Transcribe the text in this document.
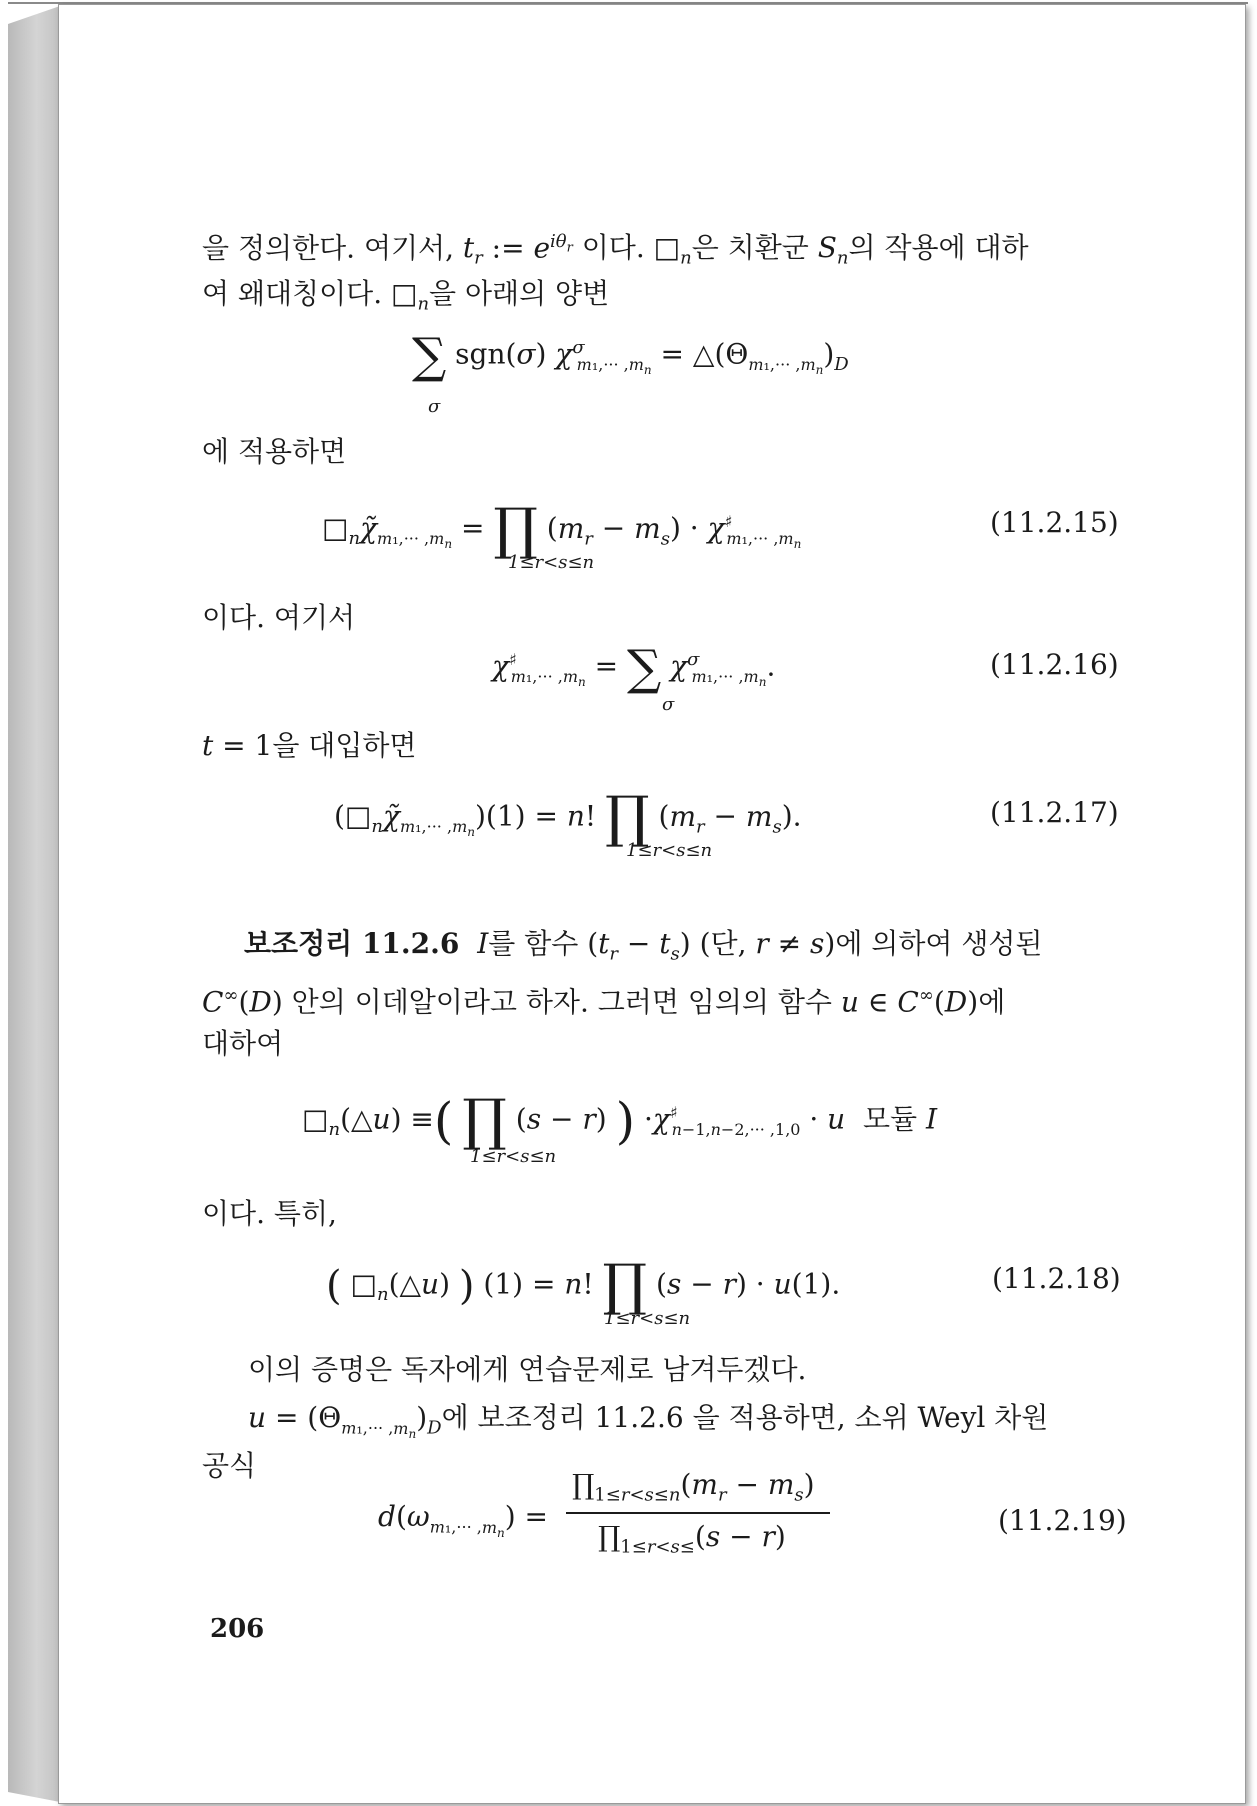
을 정의한다. 여기서, $t_r$ := $e^{i\theta_r}$ 이다. $□_n$은 치환군 $S_n$의 작용에 대하
여 왜대칭이다. $□_n$을 아래의 양변
∑ sgn(σ) $\chi^\sigma_{m_1,\cdot\cdot\cdot ,m_n}$ = $\triangle(\Theta_{m_1,\cdot\cdot\cdot ,m_n})_D$
σ
에 적용하면
$□_n\chĩ_{m_1,\cdot\cdot\cdot ,m_n}$ = ∏ $(m_r - m_s) \cdot \chi^♯_{m_1,\cdot\cdot\cdot ,m_n}$
1≤r<s≤n
(11.2.15)
이다. 여기서
$\chi^♯_{m_1,\cdot\cdot\cdot ,m_n}$ = ∑ $\chi^\sigma_{m_1,\cdot\cdot\cdot ,m_n}$.
σ
(11.2.16)
t = 1을 대입하면
$(□_n\chĩ_{m_1,\cdot\cdot\cdot ,m_n})(1) = n$! ∏ $(m_r - m_s)$.
1≤r<s≤n
(11.2.17)
보조정리 11.2.6 I를 함수 $(t_r - t_s)$ (단, r ≠ s)에 의하여 생성된
C∞(D) 안의 이데알이라고 하자. 그러면 임의의 함수 u ∈ C∞(D)에
대하여
$□_n(\triangle u)$ ≡( ∏ (s − r) ) $\cdot\chi^♯_{n-1,n-2,\cdot\cdot\cdot ,1,0} \cdot u$  모듈 I
1≤r<s≤n
이다. 특히,
( $□_n(\triangle u)$ ) (1) = n! ∏ (s − r) · u(1).
1≤r<s≤n
(11.2.18)
이의 증명은 독자에게 연습문제로 남겨두겠다.
$u = (\Theta_{m_1,\cdot\cdot\cdot ,m_n})_D$에 보조정리 11.2.6 을 적용하면, 소위 Weyl 차원
공식
$d(\omega_{m_1,\cdot\cdot\cdot ,m_n})$ =
$\prod_{1\le r<s\le n}(m_r - m_s)$
$\prod_{1\le r<s\le}(s - r)$	(11.2.19)
206
